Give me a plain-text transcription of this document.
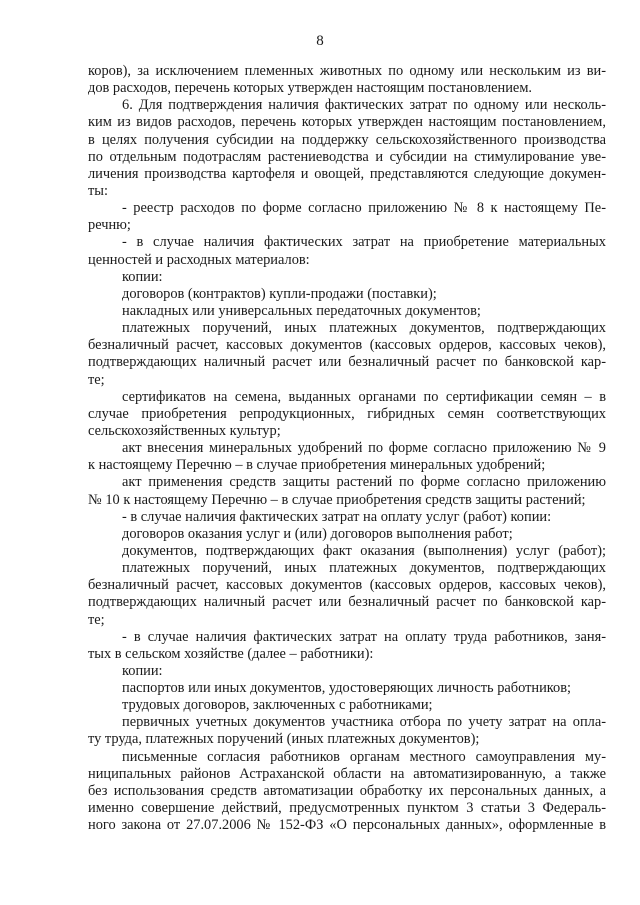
8
коров), за исключением племенных животных по одному или нескольким из ви-
дов расходов, перечень которых утвержден настоящим постановлением.
6. Для подтверждения наличия фактических затрат по одному или несколь-
ким из видов расходов, перечень которых утвержден настоящим постановлением,
в целях получения субсидии на поддержку сельскохозяйственного производства
по отдельным подотраслям растениеводства и субсидии на стимулирование уве-
личения производства картофеля и овощей, представляются следующие докумен-
ты:
- реестр расходов по форме согласно приложению № 8 к настоящему Пе-
речню;
- в случае наличия фактических затрат на приобретение материальных
ценностей и расходных материалов:
копии:
договоров (контрактов) купли-продажи (поставки);
накладных или универсальных передаточных документов;
платежных поручений, иных платежных документов, подтверждающих
безналичный расчет, кассовых документов (кассовых ордеров, кассовых чеков),
подтверждающих наличный расчет или безналичный расчет по банковской кар-
те;
сертификатов на семена, выданных органами по сертификации семян – в
случае приобретения репродукционных, гибридных семян соответствующих
сельскохозяйственных культур;
акт внесения минеральных удобрений по форме согласно приложению № 9
к настоящему Перечню – в случае приобретения минеральных удобрений;
акт применения средств защиты растений по форме согласно приложению
№ 10 к настоящему Перечню – в случае приобретения средств защиты растений;
- в случае наличия фактических затрат на оплату услуг (работ) копии:
договоров оказания услуг и (или) договоров выполнения работ;
документов, подтверждающих факт оказания (выполнения) услуг (работ);
платежных поручений, иных платежных документов, подтверждающих
безналичный расчет, кассовых документов (кассовых ордеров, кассовых чеков),
подтверждающих наличный расчет или безналичный расчет по банковской кар-
те;
- в случае наличия фактических затрат на оплату труда работников, заня-
тых в сельском хозяйстве (далее – работники):
копии:
паспортов или иных документов, удостоверяющих личность работников;
трудовых договоров, заключенных с работниками;
первичных учетных документов участника отбора по учету затрат на опла-
ту труда, платежных поручений (иных платежных документов);
письменные согласия работников органам местного самоуправления му-
ниципальных районов Астраханской области на автоматизированную, а также
без использования средств автоматизации обработку их персональных данных, а
именно совершение действий, предусмотренных пунктом 3 статьи 3 Федераль-
ного закона от 27.07.2006 № 152-ФЗ «О персональных данных», оформленные в
